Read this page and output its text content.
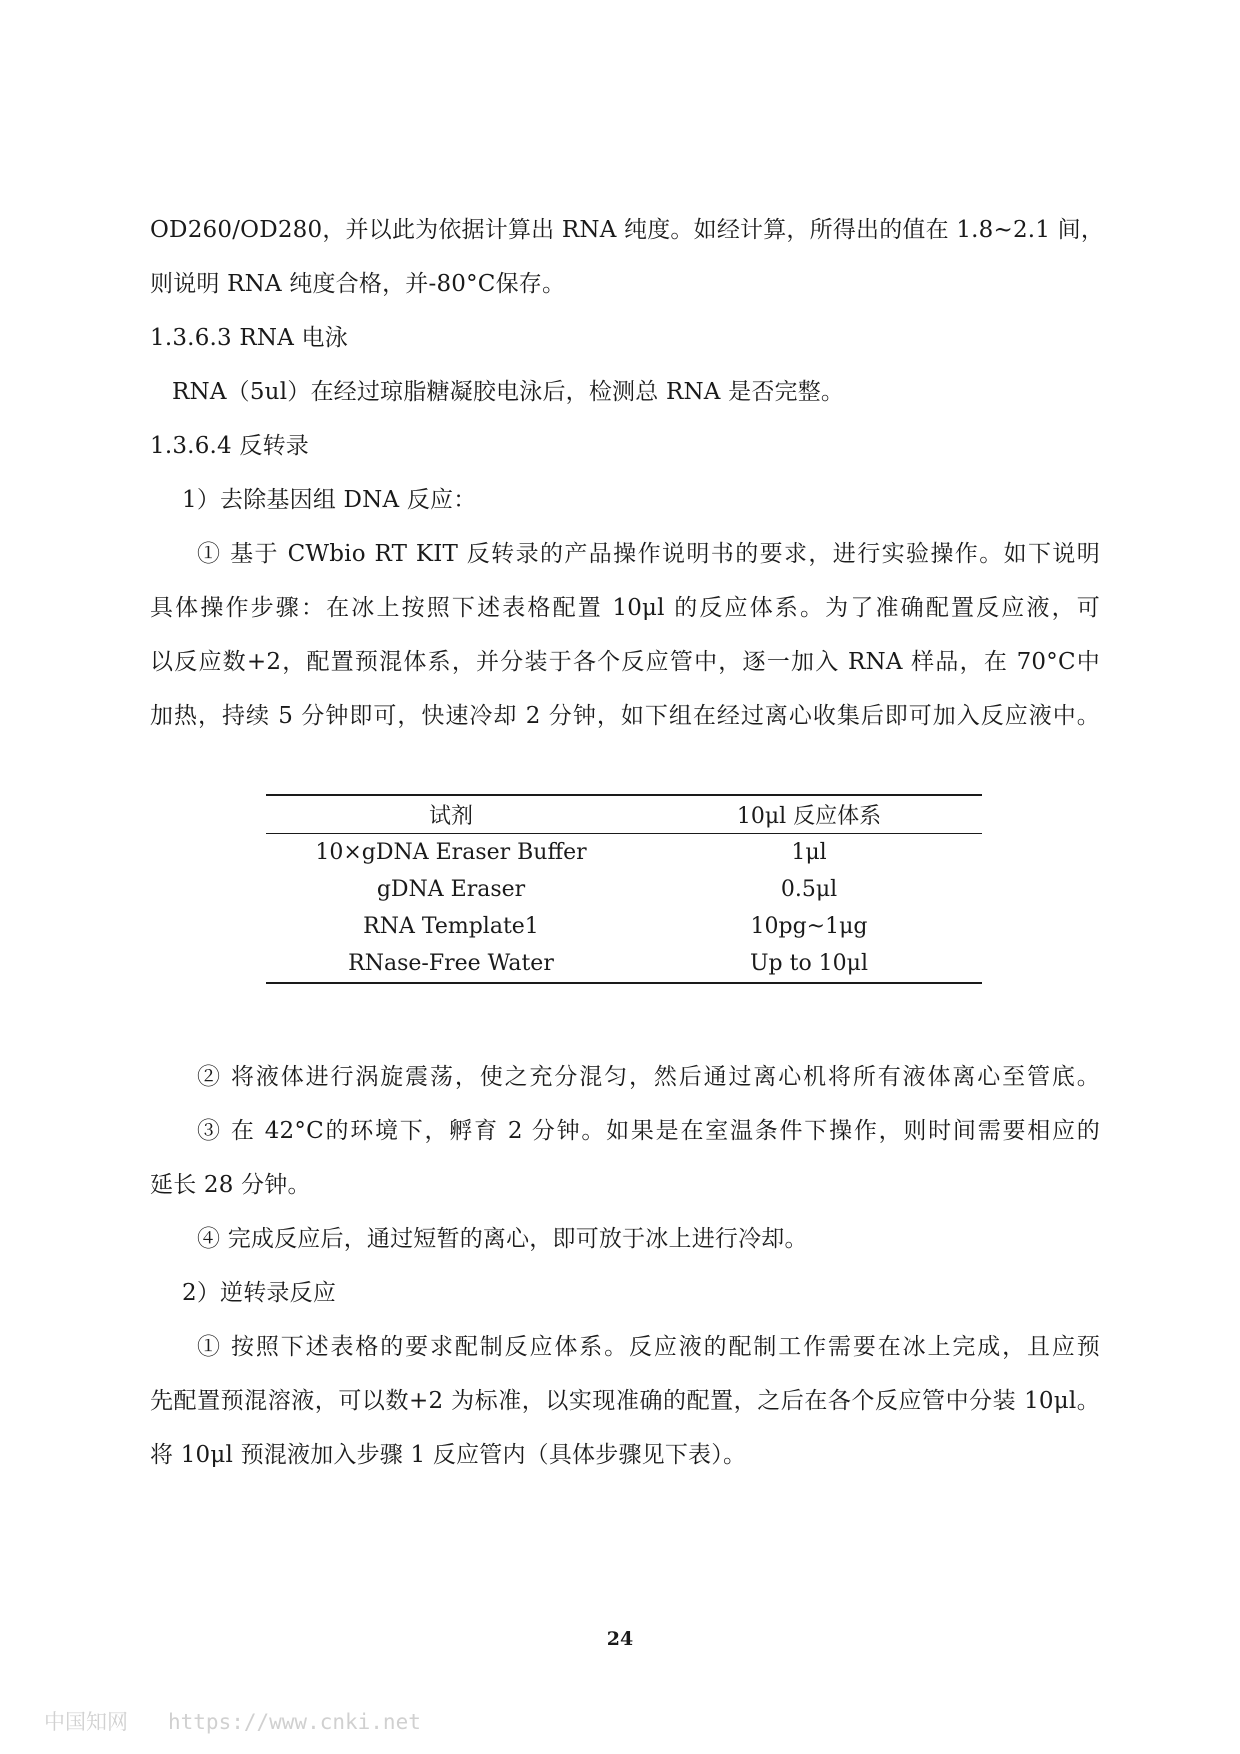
OD260/OD280，并以此为依据计算出 RNA 纯度。如经计算，所得出的值在 1.8~2.1 间，
则说明 RNA 纯度合格，并-80°C保存。
1.3.6.3 RNA 电泳
RNA（5ul）在经过琼脂糖凝胶电泳后，检测总 RNA 是否完整。
1.3.6.4 反转录
1）去除基因组 DNA 反应：
① 基于 CWbio RT KIT 反转录的产品操作说明书的要求，进行实验操作。如下说明
具体操作步骤：在冰上按照下述表格配置 10μl 的反应体系。为了准确配置反应液，可
以反应数+2，配置预混体系，并分装于各个反应管中，逐一加入 RNA 样品，在 70°C中
加热，持续 5 分钟即可，快速冷却 2 分钟，如下组在经过离心收集后即可加入反应液中。
试剂	10μl 反应体系
10×gDNA Eraser Buffer	1μl
gDNA Eraser	0.5μl
RNA Template1	10pg~1μg
RNase-Free Water	Up to 10μl
② 将液体进行涡旋震荡，使之充分混匀，然后通过离心机将所有液体离心至管底。
③ 在 42°C的环境下，孵育 2 分钟。如果是在室温条件下操作，则时间需要相应的
延长 28 分钟。
④ 完成反应后，通过短暂的离心，即可放于冰上进行冷却。
2）逆转录反应
① 按照下述表格的要求配制反应体系。反应液的配制工作需要在冰上完成，且应预
先配置预混溶液，可以数+2 为标准，以实现准确的配置，之后在各个反应管中分装 10μl。
将 10μl 预混液加入步骤 1 反应管内（具体步骤见下表）。
24
中国知网 https://www.cnki.net
